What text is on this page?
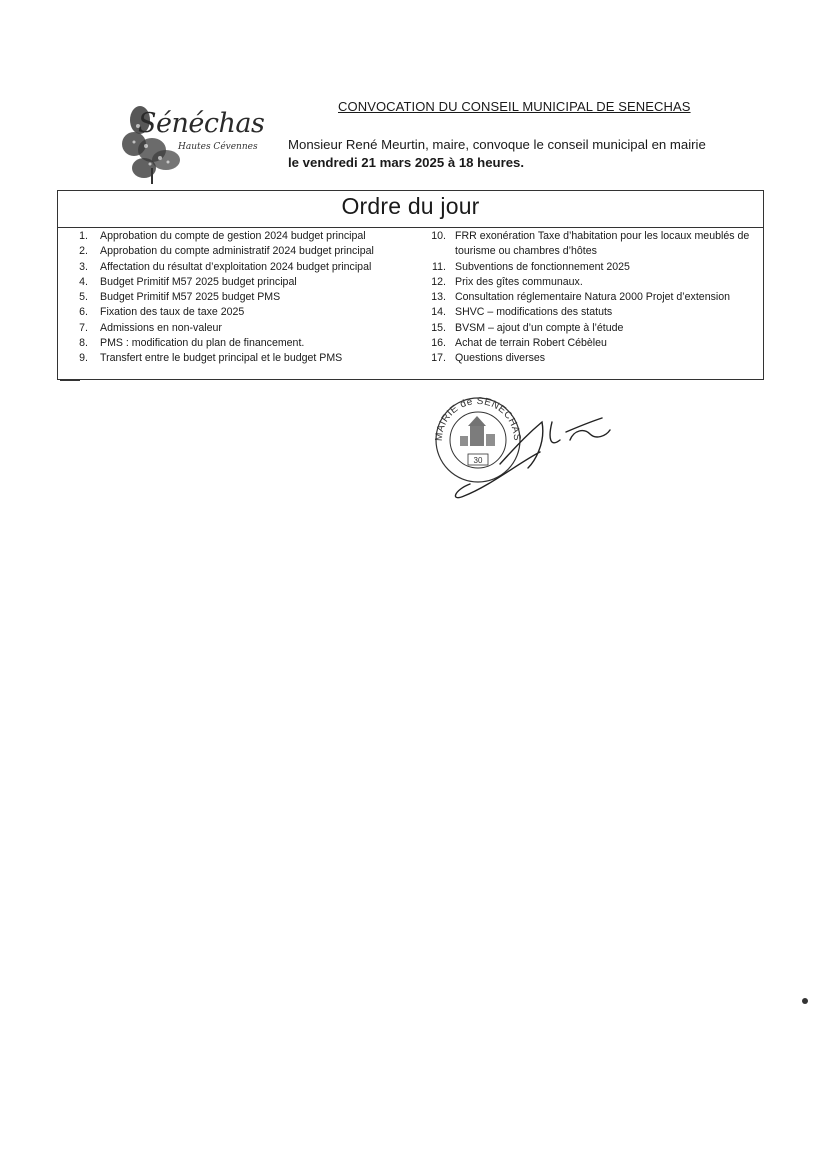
Sénéchas
Hautes Cévennes
CONVOCATION DU CONSEIL MUNICIPAL DE SENECHAS
Monsieur René Meurtin, maire, convoque le conseil municipal en mairie le vendredi 21 mars 2025 à 18 heures.
Ordre du jour
1. Approbation du compte de gestion 2024 budget principal
2. Approbation du compte administratif 2024 budget principal
3. Affectation du résultat d’exploitation 2024 budget principal
4. Budget Primitif M57 2025 budget principal
5. Budget Primitif M57 2025 budget PMS
6. Fixation des taux de taxe 2025
7. Admissions en non-valeur
8. PMS : modification du plan de financement.
9. Transfert entre le budget principal et le budget PMS
10. FRR exonération Taxe d’habitation pour les locaux meublés de tourisme ou chambres d’hôtes
11. Subventions de fonctionnement 2025
12. Prix des gîtes communaux.
13. Consultation réglementaire Natura 2000 Projet d’extension
14. SHVC – modifications des statuts
15. BVSM – ajout d’un compte à l’étude
16. Achat de terrain Robert Cébèleu
17. Questions diverses
MAIRIE de SENECHAS
30
